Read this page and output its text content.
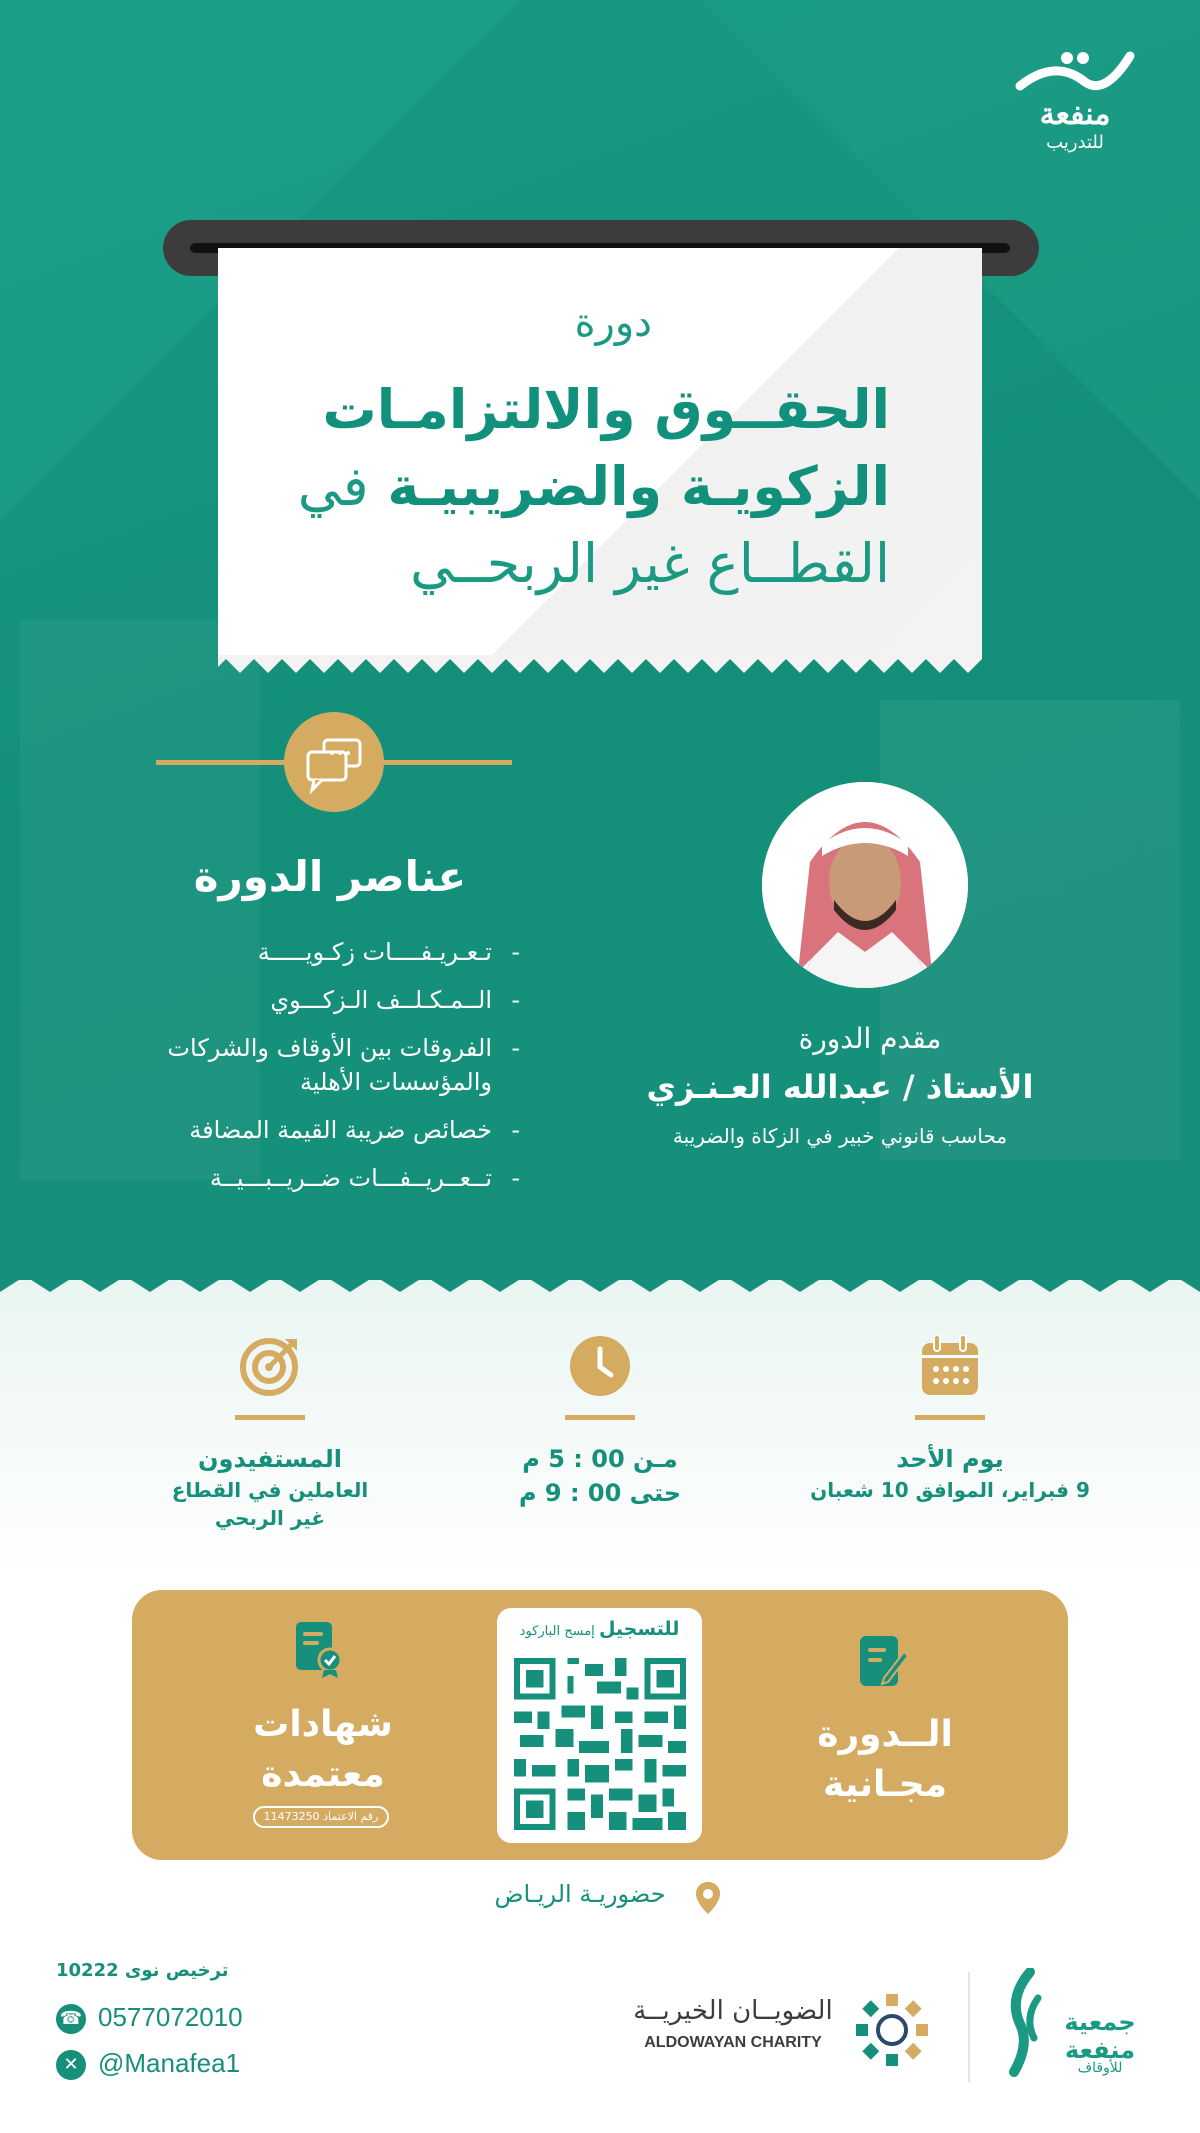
منفعة
للتدريب
دورة
الحقــوق والالتزامـات
الزكويـة والضريبيـة في
القطــاع غير الربحــي
عناصر الدورة
- تـعـريـفــــات زكـويـــــة
- الــمـكـلــف الـزكـــوي
- الفروقات بين الأوقاف والشركات والمؤسسات الأهلية
- خصائص ضريبة القيمة المضافة
- تــعــريــفـــات ضــريــبـــيــة
مقدم الدورة
الأستاذ / عبدالله العـنـزي
محاسب قانوني خبير في الزكاة والضريبة
يوم الأحد
9 فبراير، الموافق 10 شعبان
مـن 00 : 5 م
حتى 00 : 9 م
المستفيدون
العاملين في القطاع
غير الربحي
الــدورة
مجـانية
للتسجيل إمسح الباركود
شهادات
معتمدة
رقم الاعتماد 11473250
حضوريـة الريـاض
ترخيص نوى 10222
☎ 0577072010
✕ @Manafea1
الضويــان الخيريــة
ALDOWAYAN CHARITY
جمعية
منفعة
للأوقاف
